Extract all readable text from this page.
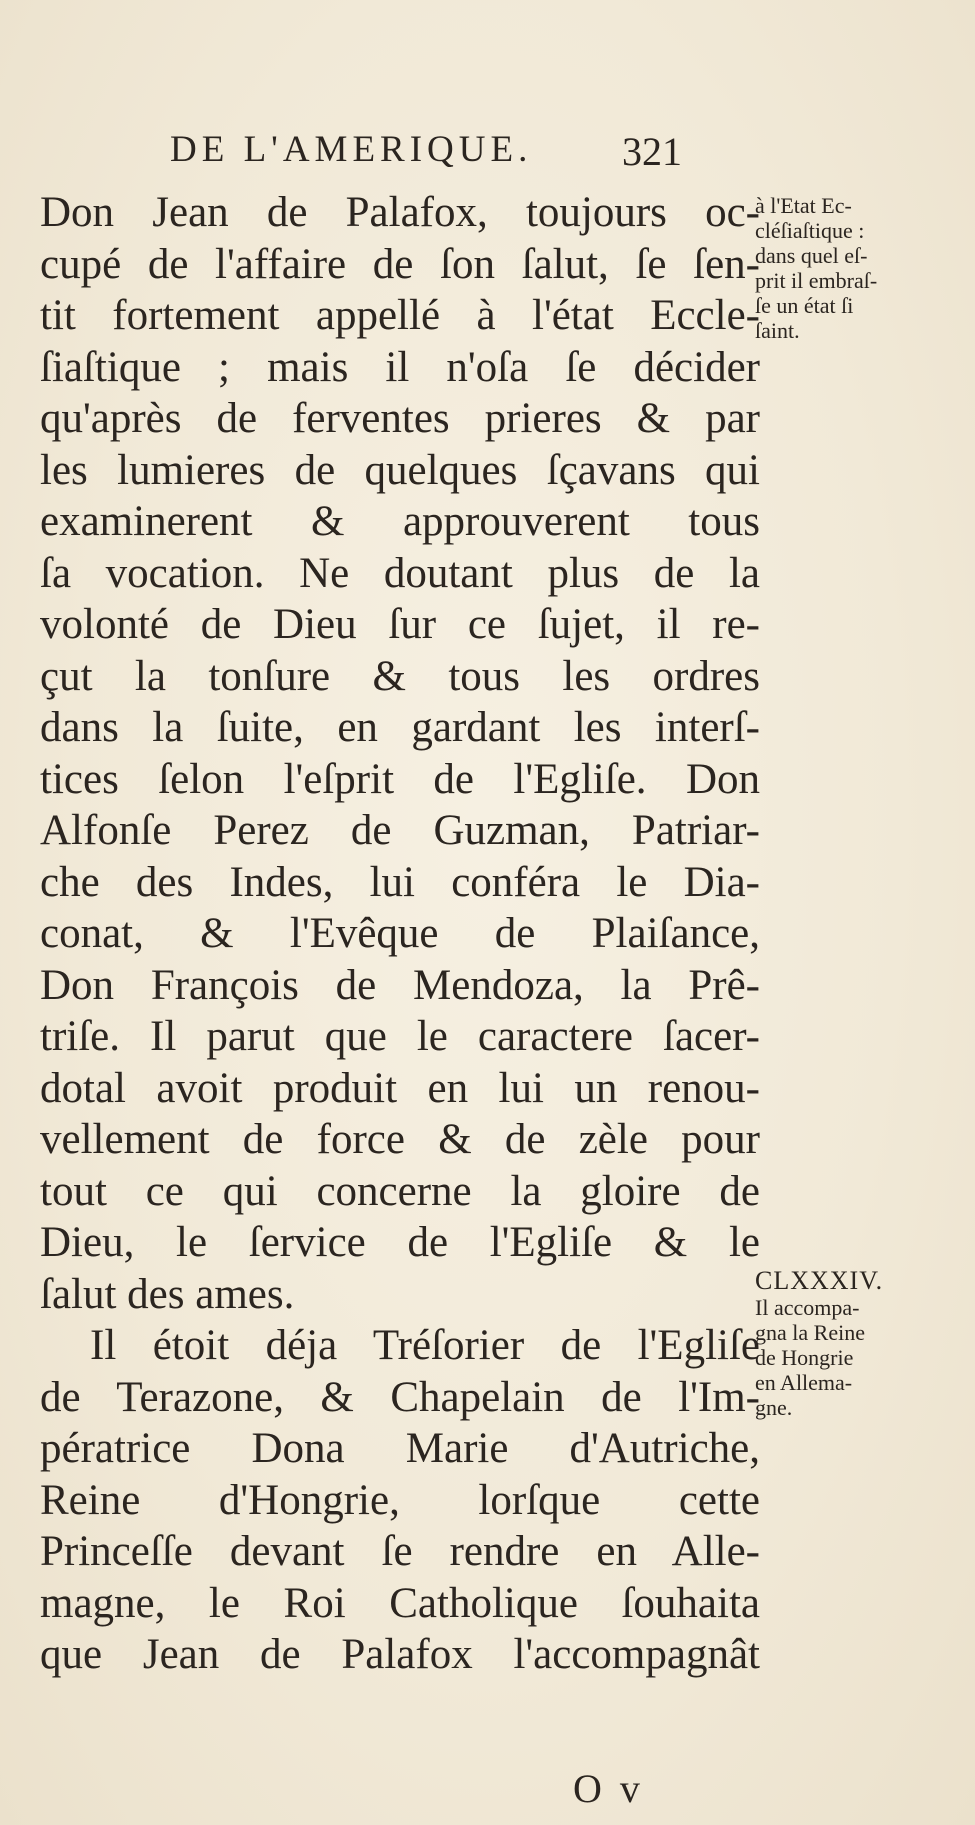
DE L'AMERIQUE. 321
Don Jean de Palafox, toujours oc-
cupé de l'affaire de ſon ſalut, ſe ſen-
tit fortement appellé à l'état Eccle-
ſiaſtique ; mais il n'oſa ſe décider
qu'après de ferventes prieres & par
les lumieres de quelques ſçavans qui
examinerent & approuverent tous
ſa vocation. Ne doutant plus de la
volonté de Dieu ſur ce ſujet, il re-
çut la tonſure & tous les ordres
dans la ſuite, en gardant les interſ-
tices ſelon l'eſprit de l'Egliſe. Don
Alfonſe Perez de Guzman, Patriar-
che des Indes, lui conféra le Dia-
conat, & l'Evêque de Plaiſance,
Don François de Mendoza, la Prê-
triſe. Il parut que le caractere ſacer-
dotal avoit produit en lui un renou-
vellement de force & de zèle pour
tout ce qui concerne la gloire de
Dieu, le ſervice de l'Egliſe & le
ſalut des ames.
Il étoit déja Tréſorier de l'Egliſe
de Terazone, & Chapelain de l'Im-
pératrice Dona Marie d'Autriche,
Reine d'Hongrie, lorſque cette
Princeſſe devant ſe rendre en Alle-
magne, le Roi Catholique ſouhaita
que Jean de Palafox l'accompagnât
à l'Etat Ec-
cléſiaſtique :
dans quel eſ-
prit il embraſ-
ſe un état ſi
ſaint.
CLXXXIV.
Il accompa-
gna la Reine
de Hongrie
en Allema-
gne.
O v
